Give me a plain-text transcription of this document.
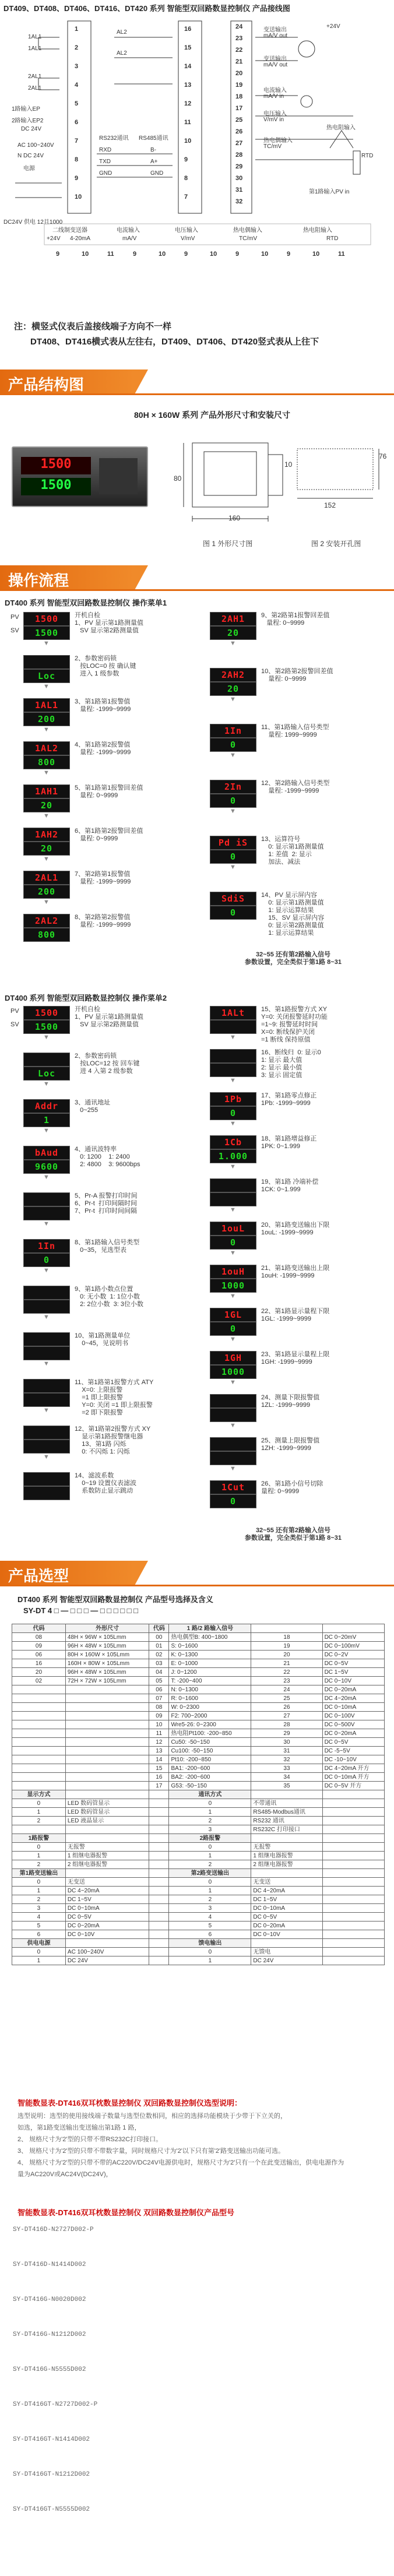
DT409、DT408、DT406、DT416、DT420 系列 智能型双回路数显控制仪 产品接线图
1AL1
1AL1
2AL1
2AL1
1路输入EP
2路输入EP2
DC 24V
AC 100~240V
N DC 24V
电源
DC24V 供电 12且1000
1
2
3
4
5
6
7
8
9
10
16
15
14
13
12
11
10
9
8
7
24
23
22
21
20
19
18
17
25
26
27
28
29
30
31
32
AL2
AL2
RS232通讯 RS485通讯
RXD
TXD
GND
B-
A+
GND
变送输出
mA/V out
变送输出
mA/V out
电流输入
mA/V in
电压输入
V/mV in
热电偶输入
TC/mV
热电阻输入
RTD
第1路输入PV in
+24V
二线制变送器	电流输入	电压输入	热电偶输入	热电阻输入
+24V 4-20mA	mA/V	V/mV	TC/mV	RTD
9	10	11	9	10	9	10	9	10	9	10	11
注：横竖式仪表后盖接线端子方向不一样
DT408、DT416横式表从左往右，DT409、DT406、DT420竖式表从上往下
产品结构图
80H × 160W 系列 产品外形尺寸和安装尺寸
1500
1500
160
80
10
图 1 外形尺寸图
76
152
图 2 安装开孔图
操作流程
DT400 系列 智能型双回路数显控制仪 操作菜单1
PV
SV
1500
1500
开机自检
1、PV 显示第1路测量值
SV 显示第2路测量值
▼
Loc
2、参数密码锁
按LOC=0 按 确认键
进入 1 级参数
▼
1AL1
200
3、第1路第1报警值
量程: -1999~9999
▼
1AL2
800
4、第1路第2报警值
量程: -1999~9999
▼
1AH1
20
5、第1路第1报警回差值
量程: 0~9999
▼
1AH2
20
6、第1路第2报警回差值
量程: 0~9999
▼
2AL1
200
7、第2路第1报警值
量程: -1999~9999
▼
2AL2
800
8、第2路第2报警值
量程: -1999~9999
2AH1
20
9、第2路第1报警回差值
量程: 0~9999
▼
2AH2
20
10、第2路第2报警回差值
量程: 0~9999
▼
1In
0
11、第1路输入信号类型
量程: 1999~9999
▼
2In
0
12、第2路输入信号类型
量程: -1999~9999
▼
Pd iS
0
13、运算符号
0: 显示第1路测量值
1: 差值  2: 显示
加法、减法
▼
SdiS
0
14、PV 显示屏内容
0: 显示第1路测量值
1: 显示运算结果
15、SV 显示屏内容
0: 显示第2路测量值
1: 显示运算结果
32~55 还有第2路输入信号
参数设置，完全类似于第1路 8~31
DT400 系列 智能型双回路数显控制仪 操作菜单2
PV
SV
1500
1500
开机自检
1、PV 显示第1路测量值
SV 显示第2路测量值
▼
Loc
2、参数密码锁
按LOC=12 按 回车键
进 4 入第 2 级参数
▼
Addr
1
3、通讯地址
0~255
▼
bAud
9600
4、通讯波特率
0: 1200    1: 2400
2: 4800    3: 9600bps
▼
5、Pr-A 报警打印时间
6、Pr-t  打印间隔时间
7、Pr-t  打印时间间隔
▼
1In
0
8、第1路输入信号类型
0~35，见选型表
▼
9、第1路小数点位置
0: 无小数  1: 1位小数
2: 2位小数  3: 3位小数
▼
10、第1路测量单位
0~45，见说明书
▼
11、第1路第1报警方式 ATY
X=0: 上限报警
=1 即上限报警
Y=0: 关闭 =1 即上限报警
=2 即下限报警
▼
12、第1路第2报警方式 XY
显示第1路报警继电器
13、第1路 闪烁
0: 不闪烁 1: 闪烁
▼
14、滤波系数
0~19 设置仪表滤波
系数防止显示跳动
1ALt	15、第1路报警方式 XY
Y=0: 关闭报警延时功能
=1~9: 报警延时时间
X=0: 断线保护关闭
=1 断线 保持原值
▼
16、断线归  0: 显示0
1: 显示 最大值
2: 显示 最小值
3: 显示 固定值
▼
1Pb
0
17、第1路零点修正
1Pb: -1999~9999
▼
1Cb
1.000
18、第1路增益修正
1PK: 0~1.999
▼
19、第1路 冷端补偿
1CK: 0~1.999
▼
1ouL
0
20、第1路变送输出下限
1ouL: -1999~9999
▼
1ouH
1000
21、第1路变送输出上限
1ouH: -1999~9999
▼
1GL
0
22、第1路显示量程下限
1GL: -1999~9999
▼
1GH
1000
23、第1路显示量程上限
1GH: -1999~9999
▼
24、测量下限报警值
1ZL: -1999~9999
▼
25、测量上限报警值
1ZH: -1999~9999
▼
1Cut
0
26、第1路小信号切除
量程: 0~9999
32~55 还有第2路输入信号
参数设置，完全类似于第1路 8~31
产品选型
DT400 系列 智能型双回路数显控制仪 产品型号选择及含义
SY-DT 4 □ — □ □ □ — □ □ □ □ □ □
代码	外形尺寸	代码	1 路/2 路输入信号		
08	48H × 96W × 105Lmm	00	热电偶型B: 400~1800	18	DC 0~20mV
09	96H × 48W × 105Lmm	01	S: 0~1600	19	DC 0~100mV
06	80H × 160W × 105Lmm	02	K: 0~1300	20	DC 0~2V
16	160H × 80W × 105Lmm	03	E: 0~1000	21	DC 0~5V
20	96H × 48W × 105Lmm	04	J: 0~1200	22	DC 1~5V
02	72H × 72W × 105Lmm	05	T: -200~400	23	DC 0~10V
		06	N: 0~1300	24	DC 0~20mA
		07	R: 0~1600	25	DC 4~20mA
		08	W: 0~2300	26	DC 0~10mA
		09	F2: 700~2000	27	DC 0~100V
		10	Wre5-26: 0~2300	28	DC 0~500V
		11	热电阻Pt100: -200~850	29	DC 0~20mA
		12	Cu50: -50~150	30	DC 0~5V
		13	Cu100: -50~150	31	DC -5~5V
		14	Pt10: -200~850	32	DC -10~10V
		15	BA1: -200~600	33	DC 4~20mA 开方
		16	BA2: -200~600	34	DC 0~10mA 开方
		17	G53: -50~150	35	DC 0~5V 开方
显示方式			通讯方式		
0	LED 数码管显示		0	不带通讯	
1	LED 数码管显示		1	RS485-Modbus通讯	
2	LED 液晶显示		2	RS232 通讯	
			3	RS232C 打印接口	
1路报警			2路报警		
0	无报警		0	无报警	
1	1 组继电器报警		1	1 组继电器报警	
2	2 组继电器报警		2	2 组继电器报警	
第1路变送输出			第2路变送输出		
0	无变送		0	无变送	
1	DC 4~20mA		1	DC 4~20mA	
2	DC 1~5V		2	DC 1~5V	
3	DC 0~10mA		3	DC 0~10mA	
4	DC 0~5V		4	DC 0~5V	
5	DC 0~20mA		5	DC 0~20mA	
6	DC 0~10V		6	DC 0~10V	
供电电源			馈电输出		
0	AC 100~240V		0	无馈电	
1	DC 24V		1	DC 24V	
智能数显表-DT416双耳枕数显控制仪 双回路数显控制仪选型说明：
选型说明：选型的使用接线端子数量与选型位数相同，相应的选择功能模块于少带于下立关的，
如选，第1路变送输出变送输出第1路 1 路，
2、 规格尺寸为'2'型的只带不带RS232C打印接口。
3、 规格尺寸为'2'型的只带不带数字量，同时规格尺寸为'2'以下只有第'2'路变送输出功能可选。
4、 规格尺寸为'2'型的只带不带的AC220V/DC24V电源供电时，规格尺寸为'2'只有一个在此变送输出，供电电源作为
量为AC220V或AC24V(DC24V)，
智能数显表-DT416双耳枕数显控制仪 双回路数显控制仪产品型号
SY-DT416D-N2727D002-P
SY-DT416D-N1414D002
SY-DT416G-N0020D002
SY-DT416G-N1212D002
SY-DT416G-N5555D002
SY-DT416GT-N2727D002-P
SY-DT416GT-N1414D002
SY-DT416GT-N1212D002
SY-DT416GT-N5555D002
